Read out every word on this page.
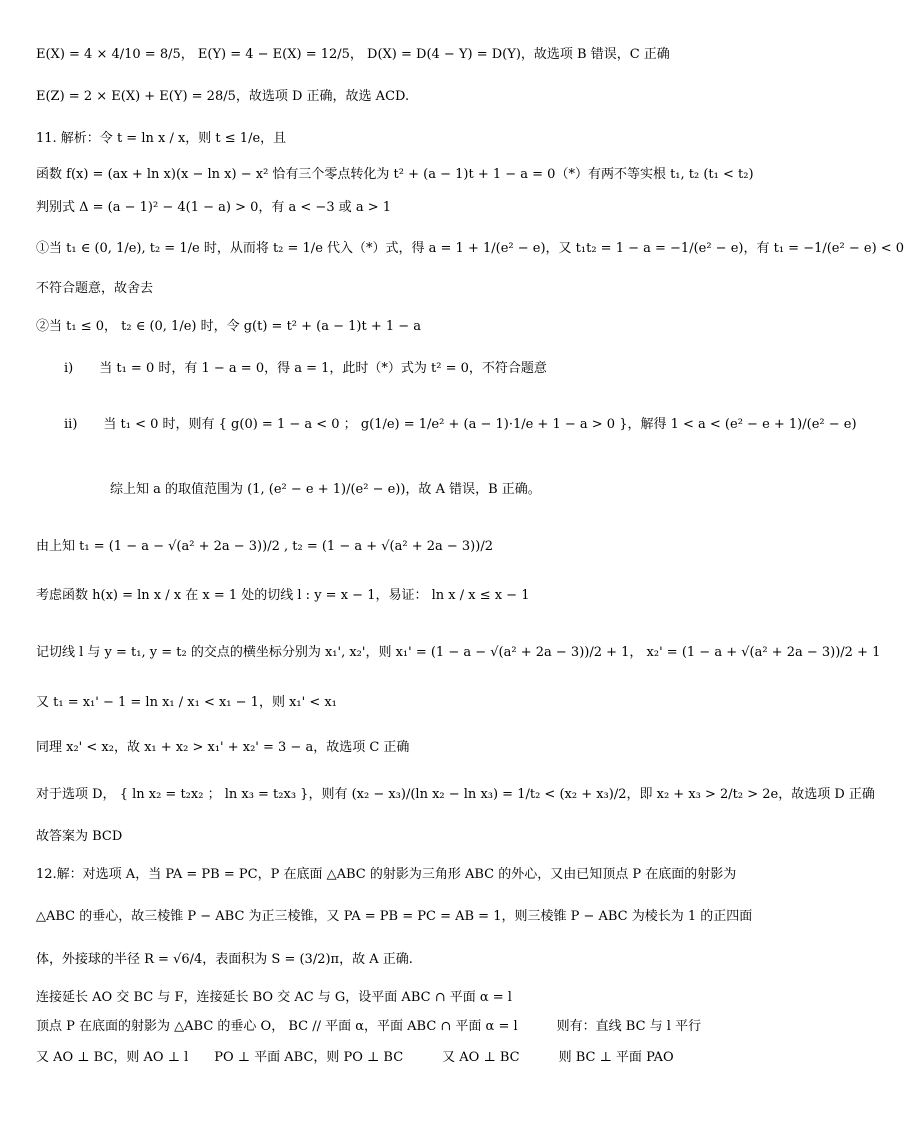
E(X) = 4 × 4/10 = 8/5， E(Y) = 4 − E(X) = 12/5， D(X) = D(4 − Y) = D(Y)，故选项 B 错误，C 正确
E(Z) = 2 × E(X) + E(Y) = 28/5，故选项 D 正确，故选 ACD.
11. 解析：令 t = ln x / x，则 t ≤ 1/e，且
函数 f(x) = (ax + ln x)(x − ln x) − x² 恰有三个零点转化为 t² + (a − 1)t + 1 − a = 0（*）有两不等实根 t₁, t₂ (t₁ < t₂)
判别式 Δ = (a − 1)² − 4(1 − a) > 0，有 a < −3 或 a > 1
①当 t₁ ∈ (0, 1/e), t₂ = 1/e 时，从而将 t₂ = 1/e 代入（*）式，得 a = 1 + 1/(e² − e)，又 t₁t₂ = 1 − a = −1/(e² − e)，有 t₁ = −1/(e² − e) < 0
不符合题意，故舍去
②当 t₁ ≤ 0， t₂ ∈ (0, 1/e) 时，令 g(t) = t² + (a − 1)t + 1 − a
i)　　当 t₁ = 0 时，有 1 − a = 0，得 a = 1，此时（*）式为 t² = 0，不符合题意
ii)　　当 t₁ < 0 时，则有 { g(0) = 1 − a < 0 ； g(1/e) = 1/e² + (a − 1)·1/e + 1 − a > 0 }，解得 1 < a < (e² − e + 1)/(e² − e)
综上知 a 的取值范围为 (1, (e² − e + 1)/(e² − e))，故 A 错误，B 正确。
由上知 t₁ = (1 − a − √(a² + 2a − 3))/2 , t₂ = (1 − a + √(a² + 2a − 3))/2
考虑函数 h(x) = ln x / x 在 x = 1 处的切线 l : y = x − 1，易证： ln x / x ≤ x − 1
记切线 l 与 y = t₁, y = t₂ 的交点的横坐标分别为 x₁', x₂'，则 x₁' = (1 − a − √(a² + 2a − 3))/2 + 1， x₂' = (1 − a + √(a² + 2a − 3))/2 + 1
又 t₁ = x₁' − 1 = ln x₁ / x₁ < x₁ − 1，则 x₁' < x₁
同理 x₂' < x₂，故 x₁ + x₂ > x₁' + x₂' = 3 − a，故选项 C 正确
对于选项 D， { ln x₂ = t₂x₂ ； ln x₃ = t₂x₃ }，则有 (x₂ − x₃)/(ln x₂ − ln x₃) = 1/t₂ < (x₂ + x₃)/2，即 x₂ + x₃ > 2/t₂ > 2e，故选项 D 正确
故答案为 BCD
12.解：对选项 A，当 PA = PB = PC，P 在底面 △ABC 的射影为三角形 ABC 的外心，又由已知顶点 P 在底面的射影为
△ABC 的垂心，故三棱锥 P − ABC 为正三棱锥，又 PA = PB = PC = AB = 1，则三棱锥 P − ABC 为棱长为 1 的正四面
体，外接球的半径 R = √6/4，表面积为 S = (3/2)π，故 A 正确.
连接延长 AO 交 BC 与 F，连接延长 BO 交 AC 与 G，设平面 ABC ∩ 平面 α = l
顶点 P 在底面的射影为 △ABC 的垂心 O， BC // 平面 α，平面 ABC ∩ 平面 α = l　　　则有：直线 BC 与 l 平行
又 AO ⊥ BC，则 AO ⊥ l　　PO ⊥ 平面 ABC，则 PO ⊥ BC　　　又 AO ⊥ BC　　　则 BC ⊥ 平面 PAO
